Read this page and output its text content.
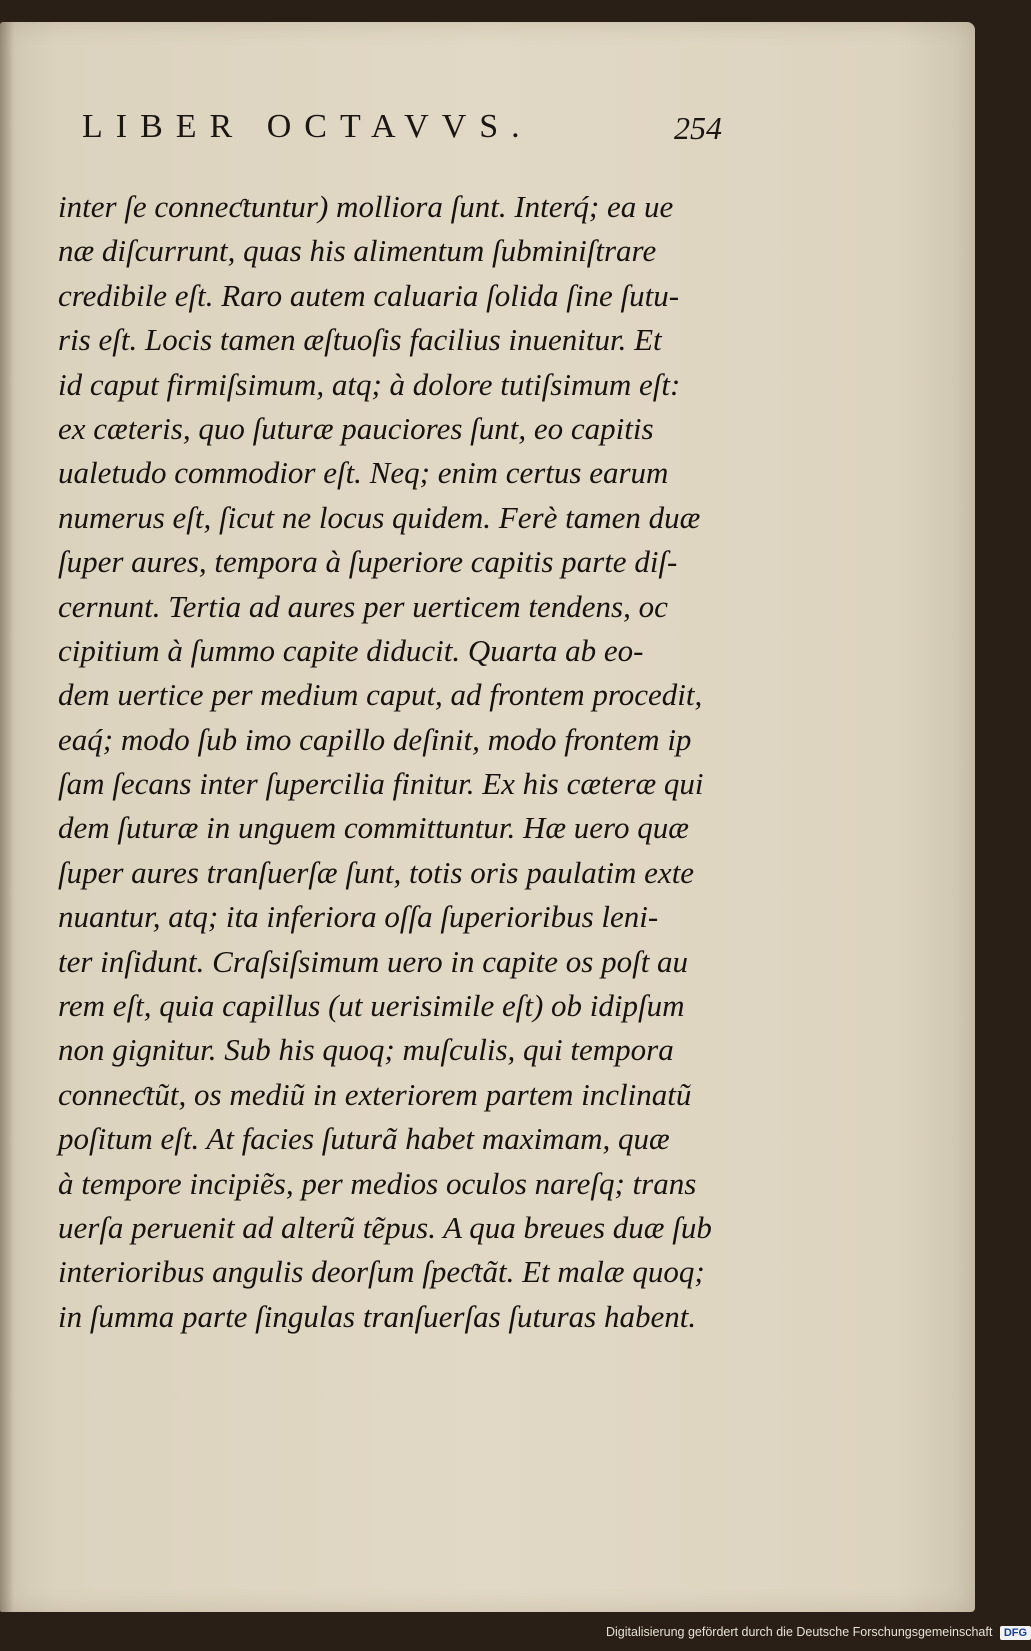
LIBER OCTAVVS.	254
inter ſe conneƈtuntur) molliora ſunt. Interq́; ea ue
næ diſcurrunt, quas his alimentum ſubminiſtrare
credibile eſt. Raro autem caluaria ſolida ſine ſutu-
ris eſt. Locis tamen æſtuoſis facilius inuenitur. Et
id caput firmiſsimum, atq; à dolore tutiſsimum eſt:
ex cæteris, quo ſuturæ pauciores ſunt, eo capitis
ualetudo commodior eſt. Neq; enim certus earum
numerus eſt, ſicut ne locus quidem. Ferè tamen duæ
ſuper aures, tempora à ſuperiore capitis parte diſ-
cernunt. Tertia ad aures per uerticem tendens, oc
cipitium à ſummo capite diducit. Quarta ab eo-
dem uertice per medium caput, ad frontem procedit,
eaq́; modo ſub imo capillo deſinit, modo frontem ip
ſam ſecans inter ſupercilia finitur. Ex his cæteræ qui
dem ſuturæ in unguem committuntur. Hæ uero quæ
ſuper aures tranſuerſæ ſunt, totis oris paulatim exte
nuantur, atq; ita inferiora oſſa ſuperioribus leni-
ter inſidunt. Craſsiſsimum uero in capite os poſt au
rem eſt, quia capillus (ut uerisimile eſt) ob idipſum
non gignitur. Sub his quoq; muſculis, qui tempora
conneƈtũt, os mediũ in exteriorem partem inclinatũ
poſitum eſt. At facies ſuturã habet maximam, quæ
à tempore incipiẽs, per medios oculos nareſq; trans
uerſa peruenit ad alterũ tẽpus. A qua breues duæ ſub
interioribus angulis deorſum ſpeƈtãt. Et malæ quoq;
in ſumma parte ſingulas tranſuerſas ſuturas habent.
Digitalisierung gefördert durch die Deutsche Forschungsgemeinschaft DFG
